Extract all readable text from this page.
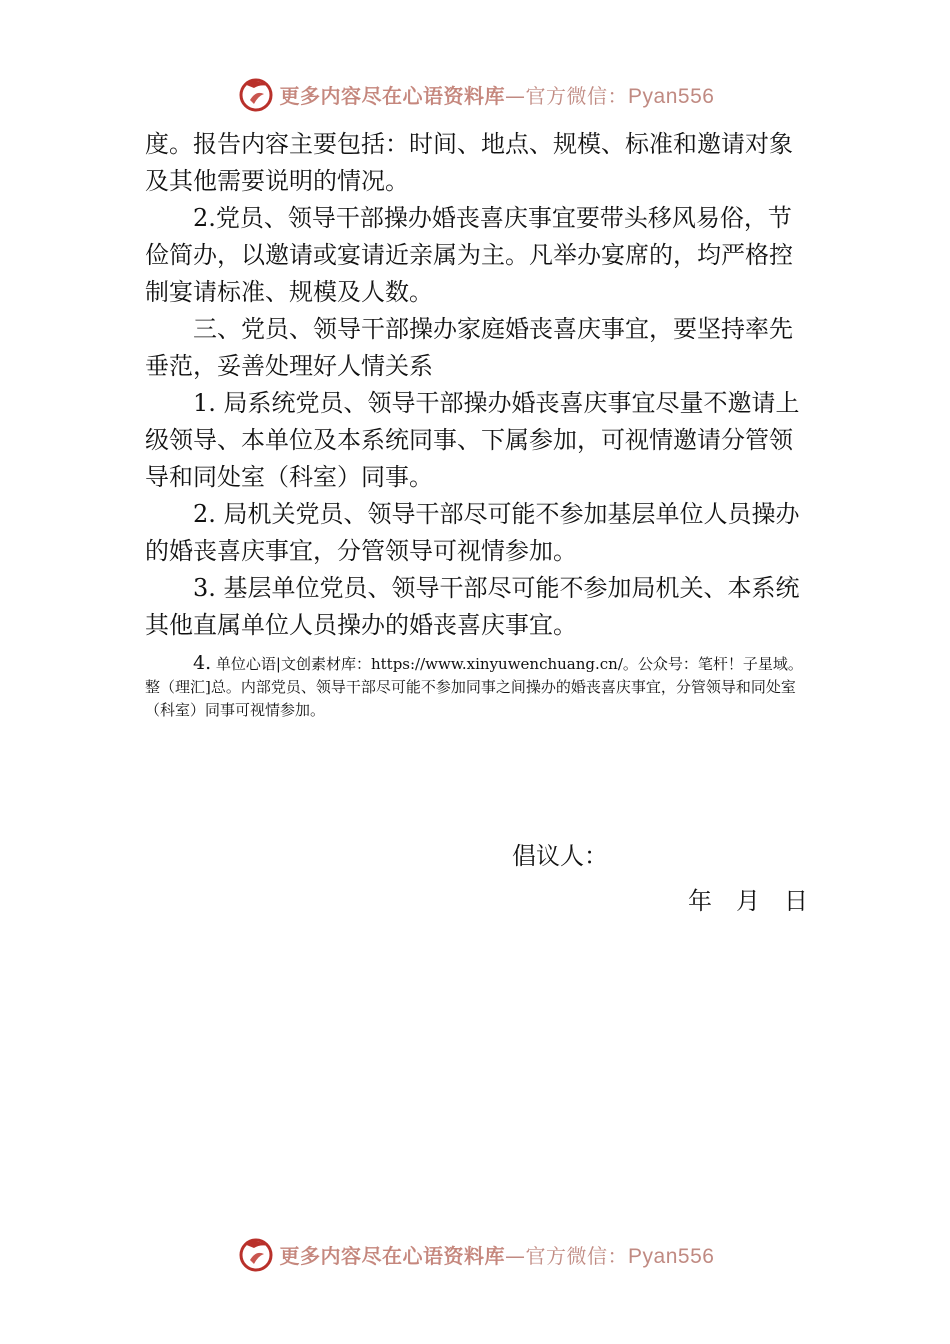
更多内容尽在心语资料库—官方微信：Pyan556

度。报告内容主要包括：时间、地点、规模、标准和邀请对象及其他需要说明的情况。

2.党员、领导干部操办婚丧喜庆事宜要带头移风易俗，节俭简办，以邀请或宴请近亲属为主。凡举办宴席的，均严格控制宴请标准、规模及人数。

三、党员、领导干部操办家庭婚丧喜庆事宜，要坚持率先垂范，妥善处理好人情关系

1. 局系统党员、领导干部操办婚丧喜庆事宜尽量不邀请上级领导、本单位及本系统同事、下属参加，可视情邀请分管领导和同处室（科室）同事。

2. 局机关党员、领导干部尽可能不参加基层单位人员操办的婚丧喜庆事宜，分管领导可视情参加。

3. 基层单位党员、领导干部尽可能不参加局机关、本系统其他直属单位人员操办的婚丧喜庆事宜。

4. 单位心语|文创素材库：https://www.xinyuwenchuang.cn/。公众号：笔杆！子星域。整（理汇]总。内部党员、领导干部尽可能不参加同事之间操办的婚丧喜庆事宜，分管领导和同处室（科室）同事可视情参加。

倡议人：
年　月　日
更多内容尽在心语资料库—官方微信：Pyan556
